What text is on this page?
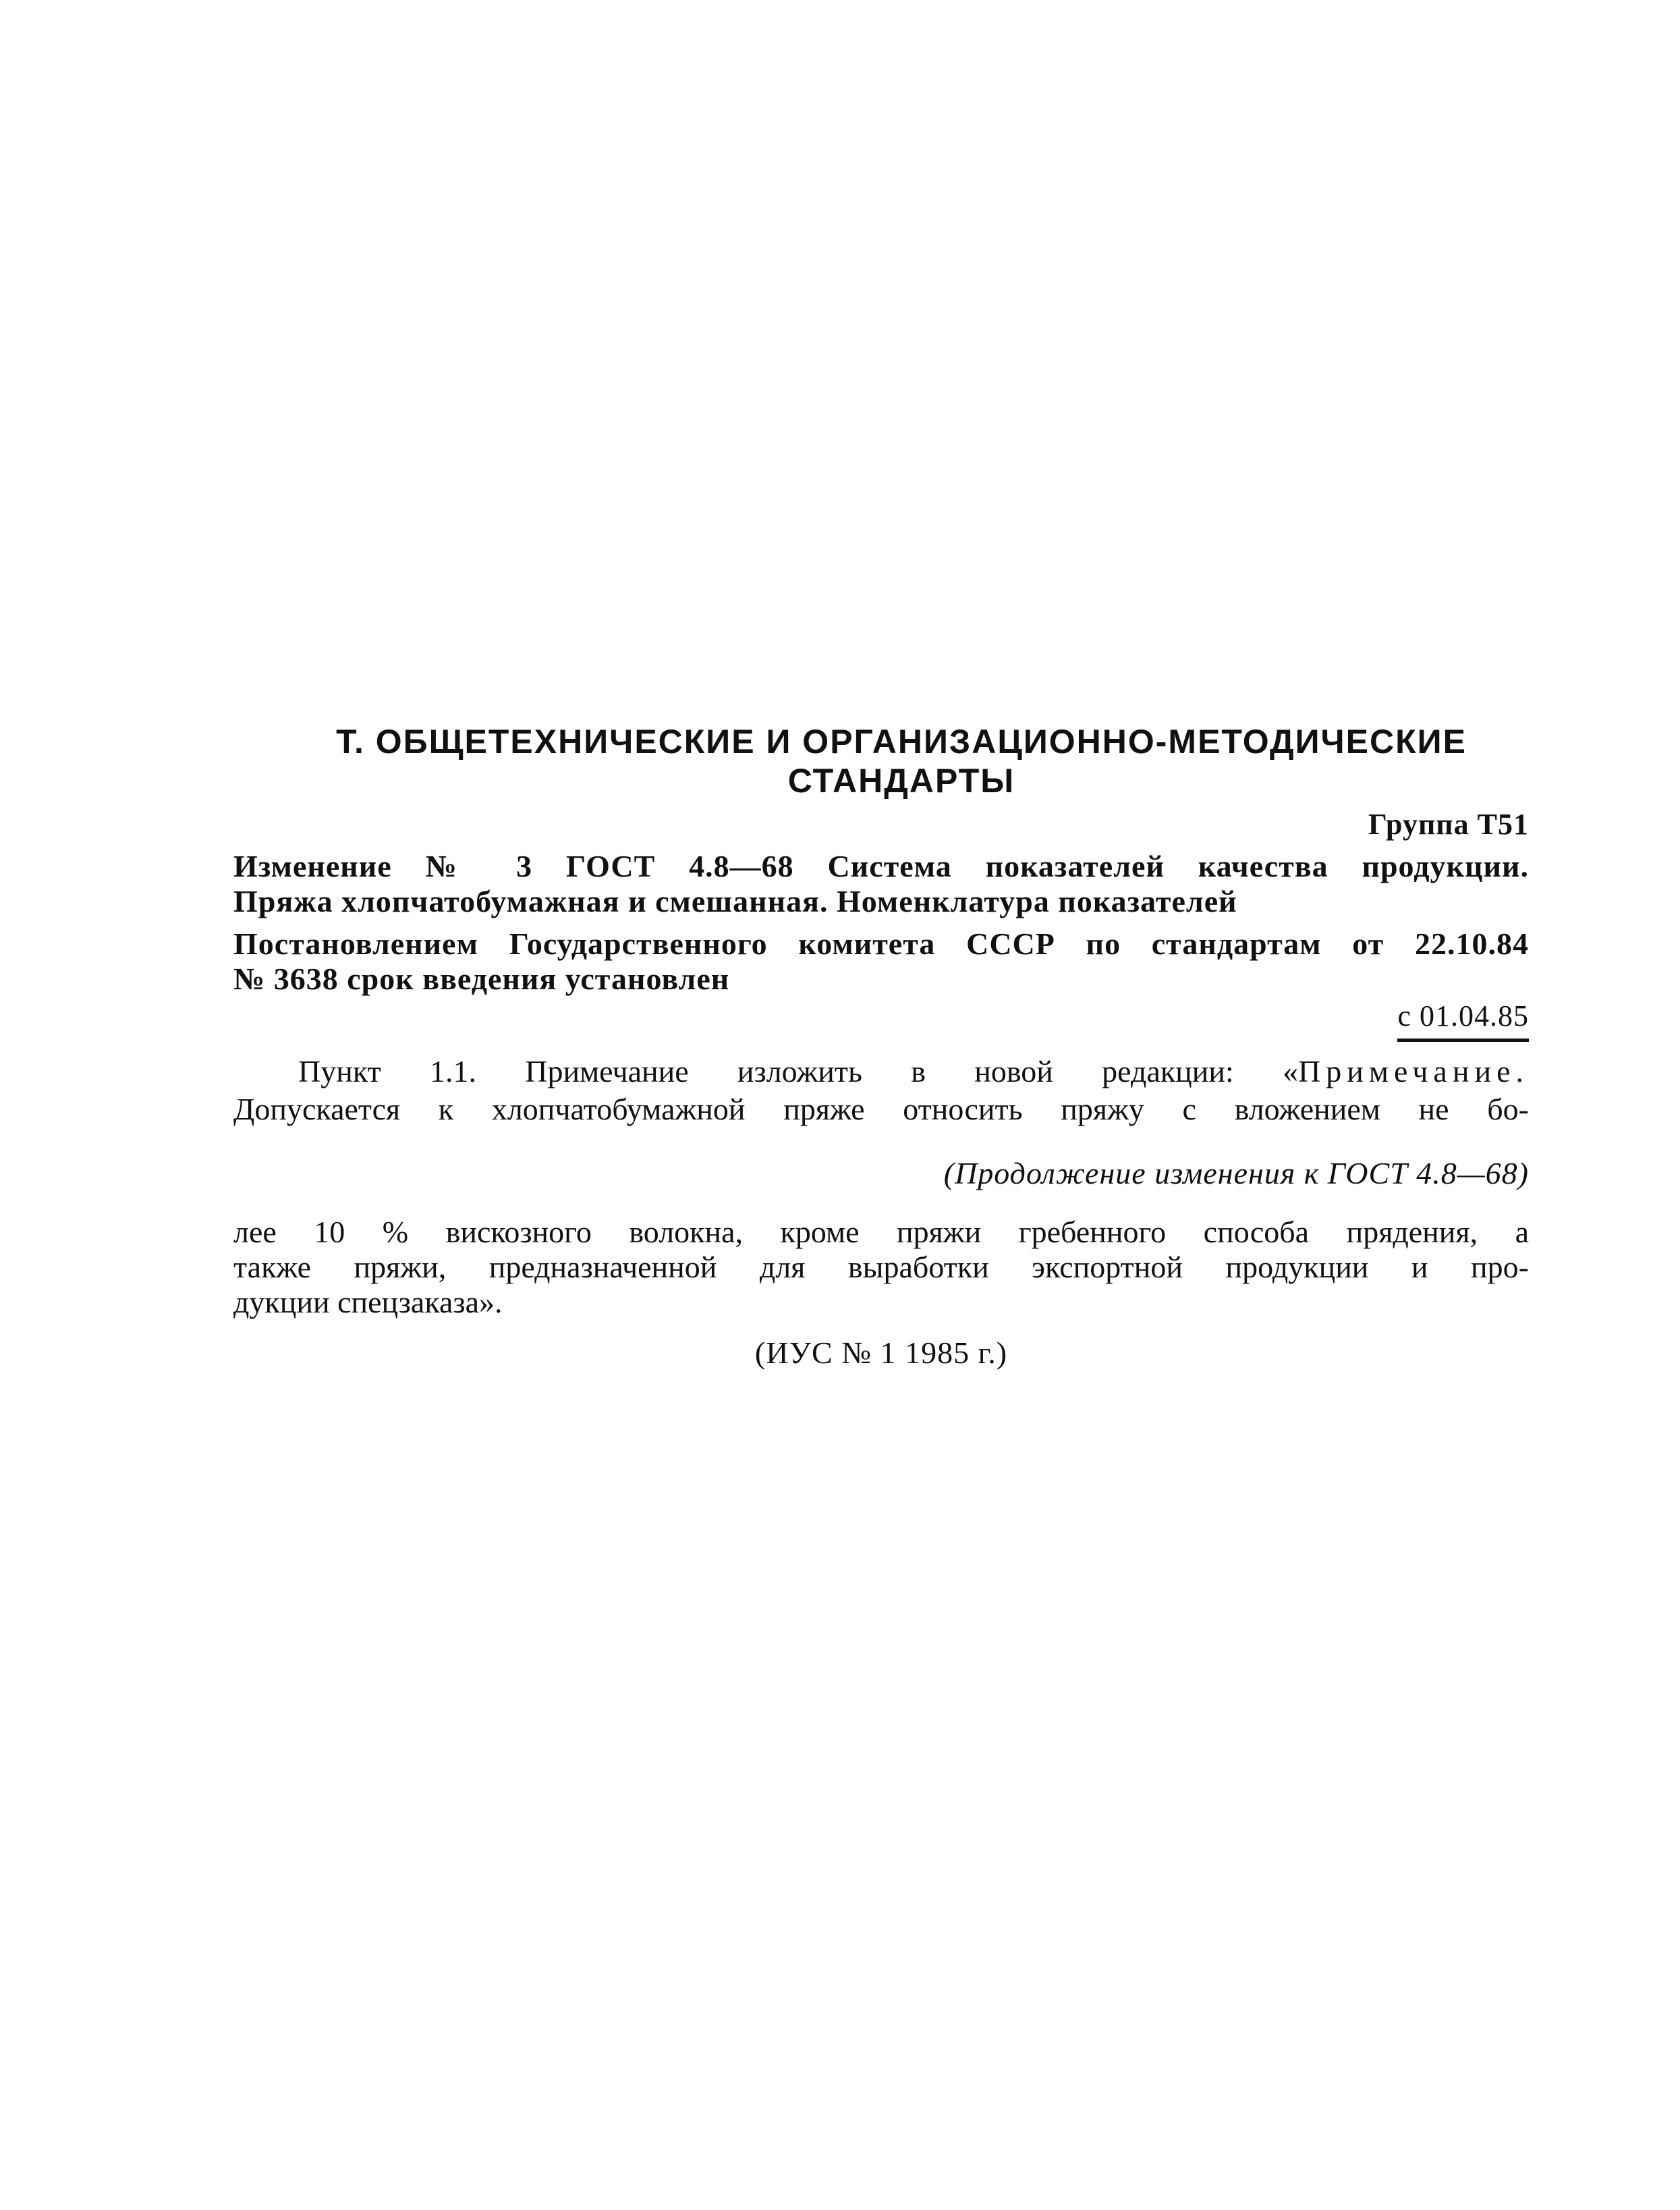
Т. ОБЩЕТЕХНИЧЕСКИЕ И ОРГАНИЗАЦИОННО-МЕТОДИЧЕСКИЕ
СТАНДАРТЫ
Группа Т51
Изменение № 3 ГОСТ 4.8—68 Система показателей качества продукции.
Пряжа хлопчатобумажная и смешанная. Номенклатура показателей
Постановлением Государственного комитета СССР по стандартам от 22.10.84
№ 3638 срок введения установлен
с 01.04.85
Пункт 1.1. Примечание изложить в новой редакции: «Примечание.
Допускается к хлопчатобумажной пряже относить пряжу с вложением не бо-
(Продолжение изменения к ГОСТ 4.8—68)
лее 10 % вискозного волокна, кроме пряжи гребенного способа прядения, а
также пряжи, предназначенной для выработки экспортной продукции и про-
дукции спецзаказа».
(ИУС № 1 1985 г.)
